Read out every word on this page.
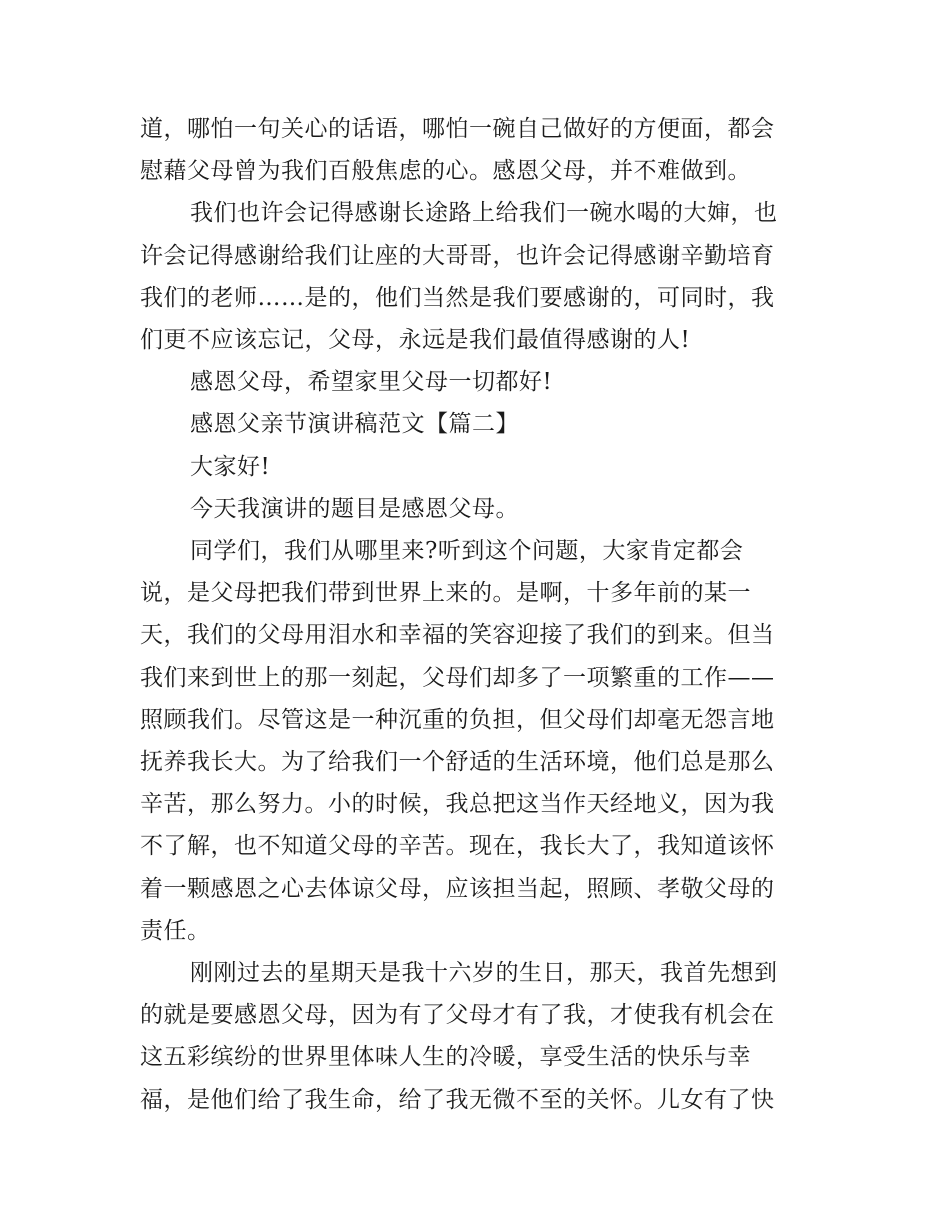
道，哪怕一句关心的话语，哪怕一碗自己做好的方便面，都会
慰藉父母曾为我们百般焦虑的心。感恩父母，并不难做到。
我们也许会记得感谢长途路上给我们一碗水喝的大婶，也
许会记得感谢给我们让座的大哥哥，也许会记得感谢辛勤培育
我们的老师……是的，他们当然是我们要感谢的，可同时，我
们更不应该忘记，父母，永远是我们最值得感谢的人!
感恩父母，希望家里父母一切都好!
感恩父亲节演讲稿范文【篇二】
大家好!
今天我演讲的题目是感恩父母。
同学们，我们从哪里来?听到这个问题，大家肯定都会
说，是父母把我们带到世界上来的。是啊，十多年前的某一
天，我们的父母用泪水和幸福的笑容迎接了我们的到来。但当
我们来到世上的那一刻起，父母们却多了一项繁重的工作——
照顾我们。尽管这是一种沉重的负担，但父母们却毫无怨言地
抚养我长大。为了给我们一个舒适的生活环境，他们总是那么
辛苦，那么努力。小的时候，我总把这当作天经地义，因为我
不了解，也不知道父母的辛苦。现在，我长大了，我知道该怀
着一颗感恩之心去体谅父母，应该担当起，照顾、孝敬父母的
责任。
刚刚过去的星期天是我十六岁的生日，那天，我首先想到
的就是要感恩父母，因为有了父母才有了我，才使我有机会在
这五彩缤纷的世界里体味人生的冷暖，享受生活的快乐与幸
福，是他们给了我生命，给了我无微不至的关怀。儿女有了快
